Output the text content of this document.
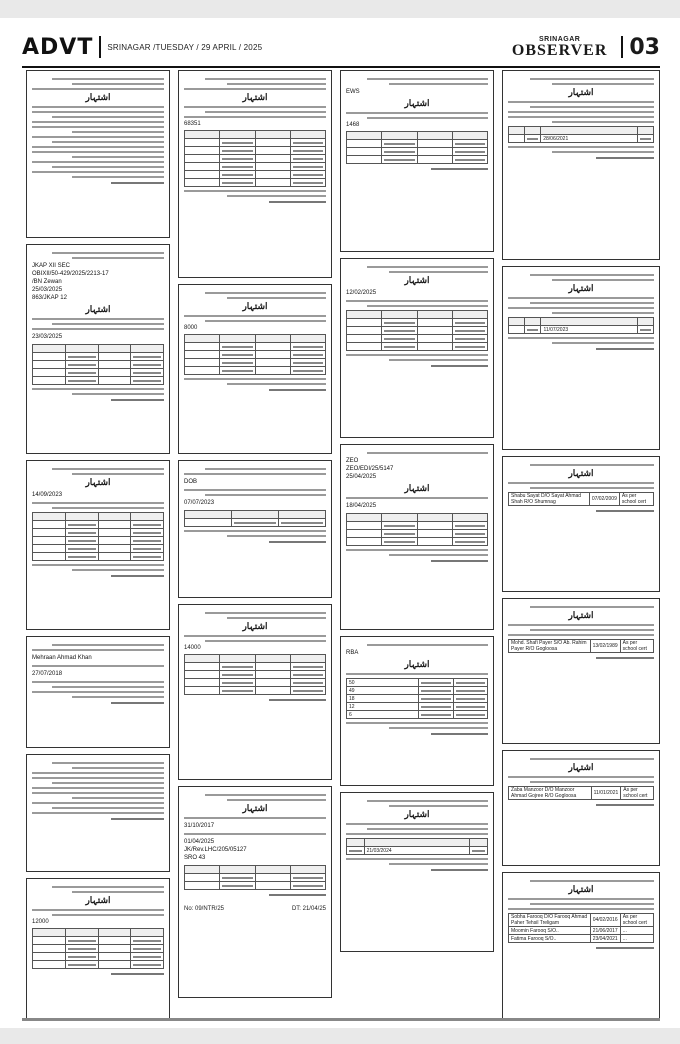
ADVT SRINAGAR /TUESDAY / 29 APRIL / 2025
SRINAGAR
OBSERVER 03
اشتہار
JKAP XII SEC
OBIXII/50-429/2025/2213-17
/BN Zewan
25/03/2025
863/JKAP 12
اشتہار
23/03/2025

اشتہار
14/09/2023

Mehraan Ahmad Khan
27/07/2018
اشتہار
12000

اشتہار
68351

اشتہار
8000

DOB
07/07/2023

اشتہار
14000

اشتہار
31/10/2017
01/04/2025
JK/Rev.LHC/205/05127
SRO 43

No: 09/NTR/25	DT: 21/04/25
EWS
اشتہار
1468

اشتہار
12/02/2025

ZEO
ZEO/EDI/25/5147
25/04/2025
اشتہار
18/04/2025

RBA
اشتہار
50	

49	

18	

12	

6	

اشتہار

	21/03/2024	
اشتہار

	28/06/2021	

اشتہار

	11/07/2023	

اشتہار
Shabu Sayat D/O Sayat Ahmad Shah R/O Shumnag	07/02/2009	As per school cert
اشتہار
Mohd. Shafi Payer S/O Ab. Rahim Payer R/O Gogloosa	13/02/1989	As per school cert
اشتہار
Zaba Manzoor D/O Manzoor Ahmad Gojree R/O Gogloosa	11/01/2021	As per school cert
اشتہار
Sobha Farooq D/O Farooq Ahmad Paher Tehsil Treligam	04/02/2016	As per school cert
Moomin Farooq S/O..	21/06/2017	...
Fatima Farooq S/O..	23/04/2021	...
